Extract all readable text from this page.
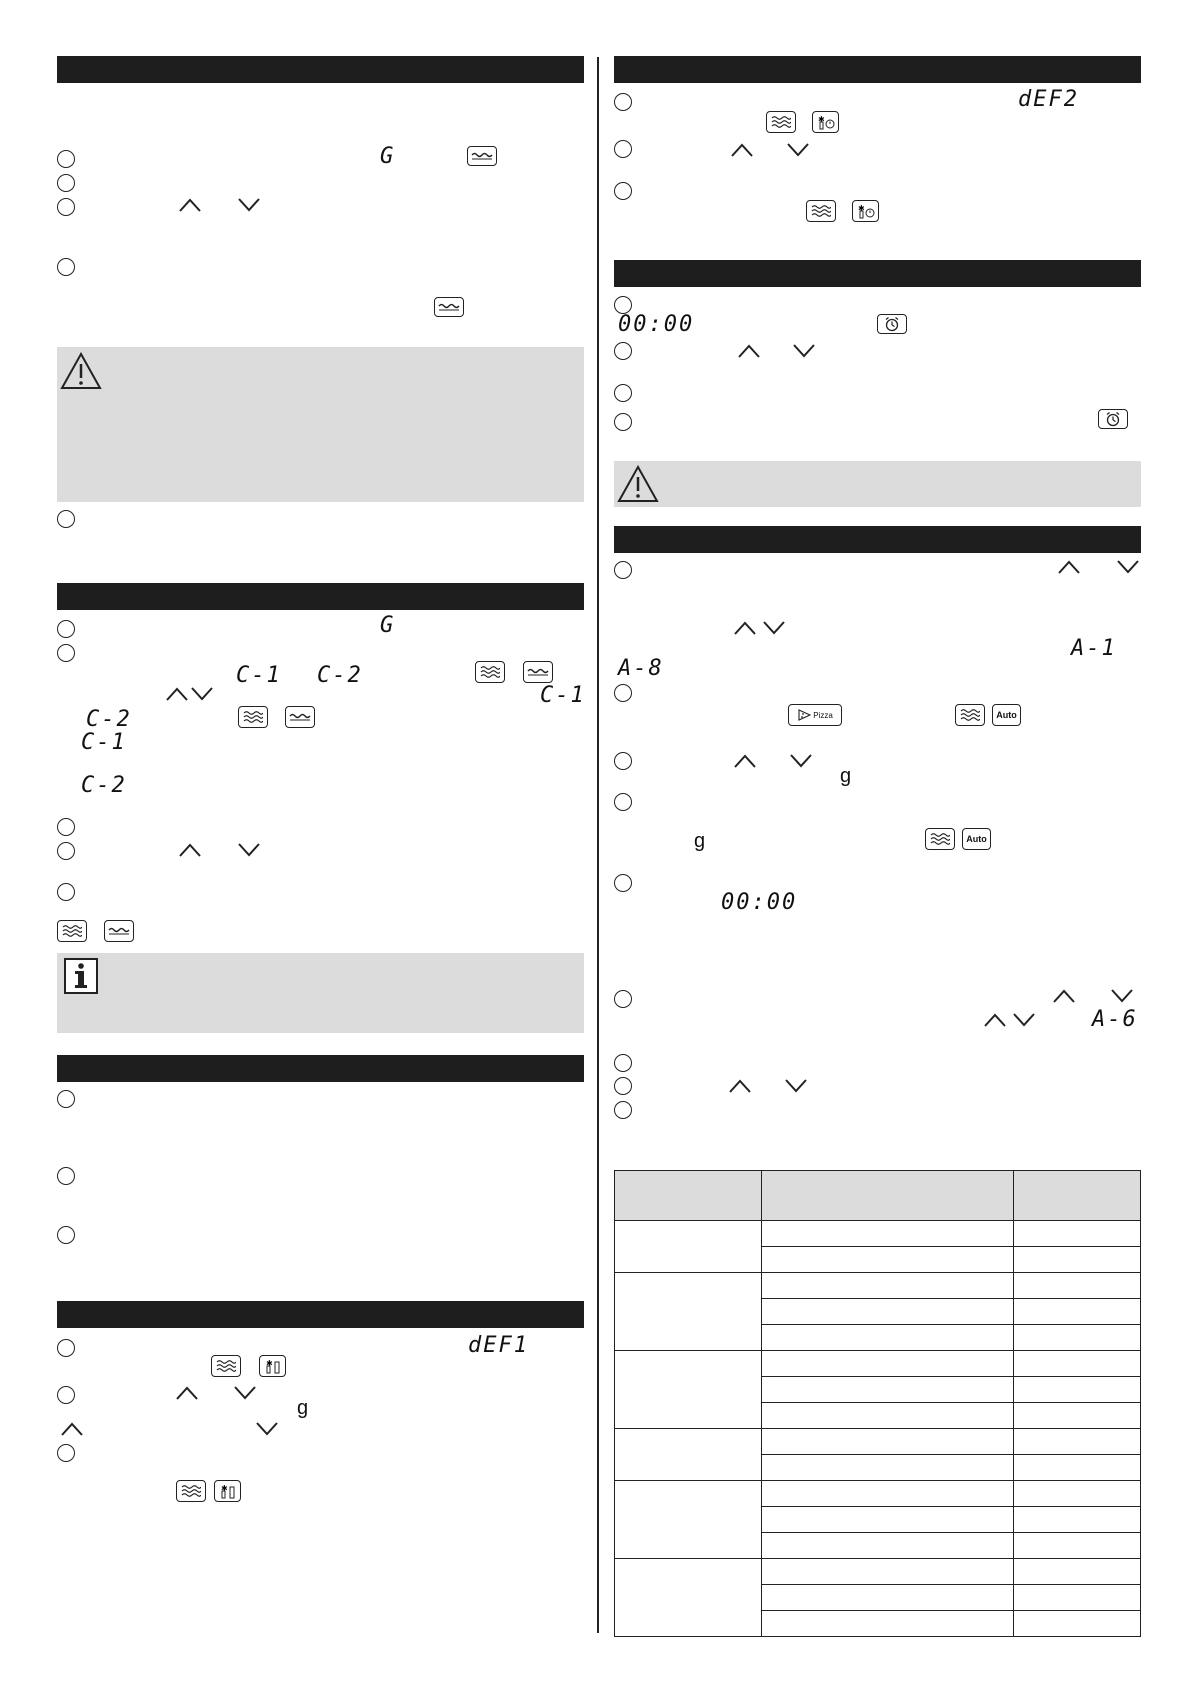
G
G
C-1 C-2
C-1
C-2
C-1
C-2
dEF1
✱
g
✱
dEF2
✱
✱
00:00
A-1
A-8
Pizza	Auto
g
g	Auto
00:00
A-6
